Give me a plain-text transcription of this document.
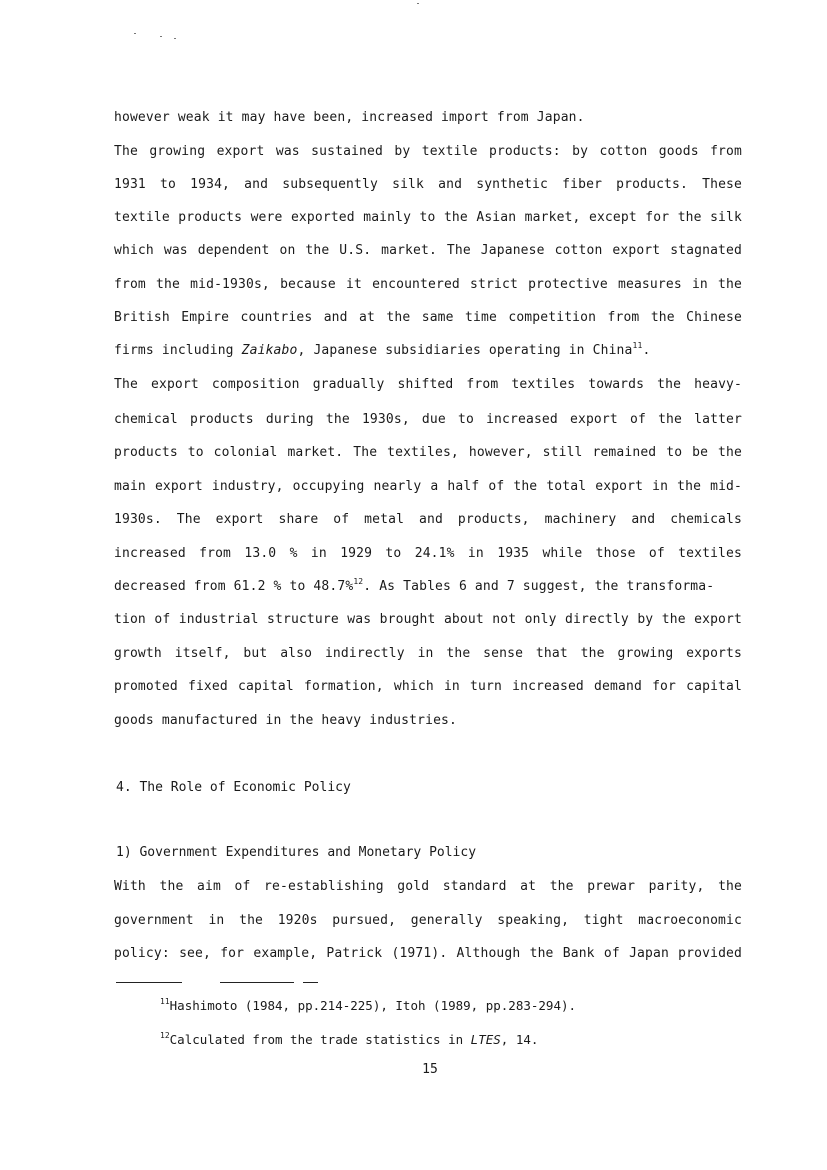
however weak it may have been, increased import from Japan.
The growing export was sustained by textile products: by cotton goods from
1931 to 1934, and subsequently silk and synthetic fiber products. These
textile products were exported mainly to the Asian market, except for the silk
which was dependent on the U.S. market. The Japanese cotton export stagnated
from the mid-1930s, because it encountered strict protective measures in the
British Empire countries and at the same time competition from the Chinese
firms including Zaikabo, Japanese subsidiaries operating in China$^{11}$.
The export composition gradually shifted from textiles towards the heavy-
chemical products during the 1930s, due to increased export of the latter
products to colonial market. The textiles, however, still remained to be the
main export industry, occupying nearly a half of the total export in the mid-
1930s. The export share of metal and products, machinery and chemicals
increased from 13.0 % in 1929 to 24.1% in 1935 while those of textiles
decreased from 61.2 % to 48.7%$^{12}$. As Tables 6 and 7 suggest, the transforma-
tion of industrial structure was brought about not only directly by the export
growth itself, but also indirectly in the sense that the growing exports
promoted fixed capital formation, which in turn increased demand for capital
goods manufactured in the heavy industries.
4. The Role of Economic Policy
1) Government Expenditures and Monetary Policy
With the aim of re-establishing gold standard at the prewar parity, the
government in the 1920s pursued, generally speaking, tight macroeconomic
policy: see, for example, Patrick (1971). Although the Bank of Japan provided
$^{11}$Hashimoto (1984, pp.214-225), Itoh (1989, pp.283-294).
$^{12}$Calculated from the trade statistics in LTES, 14.
15
